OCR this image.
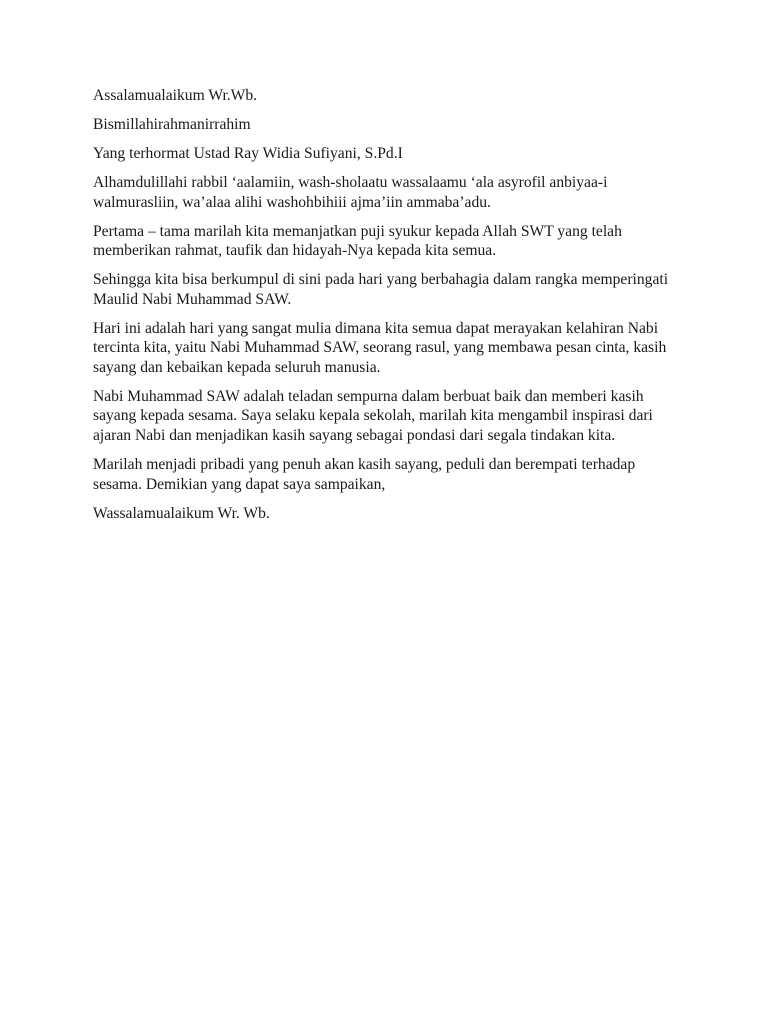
Assalamualaikum Wr.Wb.

Bismillahirahmanirrahim

Yang terhormat Ustad Ray Widia Sufiyani, S.Pd.I

Alhamdulillahi rabbil ‘aalamiin, wash-sholaatu wassalaamu ‘ala asyrofil anbiyaa-i walmurasliin, wa’alaa alihi washohbihiii ajma’iin ammaba’adu.

Pertama – tama marilah kita memanjatkan puji syukur kepada Allah SWT yang telah memberikan rahmat, taufik dan hidayah-Nya kepada kita semua.

Sehingga kita bisa berkumpul di sini pada hari yang berbahagia dalam rangka memperingati Maulid Nabi Muhammad SAW.

Hari ini adalah hari yang sangat mulia dimana kita semua dapat merayakan kelahiran Nabi tercinta kita, yaitu Nabi Muhammad SAW, seorang rasul, yang membawa pesan cinta, kasih sayang dan kebaikan kepada seluruh manusia.

Nabi Muhammad SAW adalah teladan sempurna dalam berbuat baik dan memberi kasih sayang kepada sesama. Saya selaku kepala sekolah, marilah kita mengambil inspirasi dari ajaran Nabi dan menjadikan kasih sayang sebagai pondasi dari segala tindakan kita.

Marilah menjadi pribadi yang penuh akan kasih sayang, peduli dan berempati terhadap sesama. Demikian yang dapat saya sampaikan,

Wassalamualaikum Wr. Wb.
